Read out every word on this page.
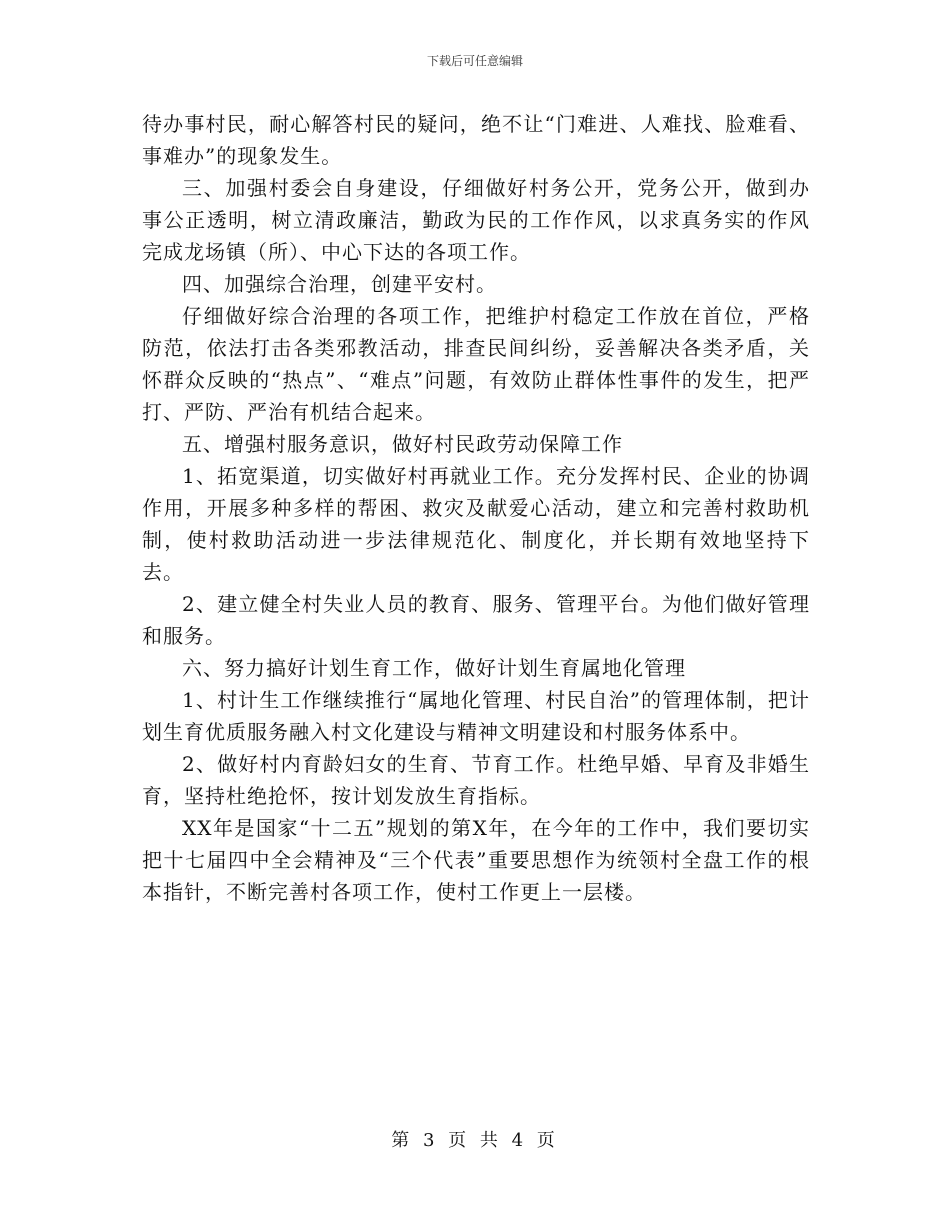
下载后可任意编辑

待办事村民，耐心解答村民的疑问，绝不让“门难进、人难找、脸难看、事难办”的现象发生。

三、加强村委会自身建设，仔细做好村务公开，党务公开，做到办事公正透明，树立清政廉洁，勤政为民的工作作风，以求真务实的作风完成龙场镇（所）、中心下达的各项工作。

四、加强综合治理，创建平安村。

仔细做好综合治理的各项工作，把维护村稳定工作放在首位，严格防范，依法打击各类邪教活动，排查民间纠纷，妥善解决各类矛盾，关怀群众反映的“热点”、“难点”问题，有效防止群体性事件的发生，把严打、严防、严治有机结合起来。

五、增强村服务意识，做好村民政劳动保障工作

1、拓宽渠道，切实做好村再就业工作。充分发挥村民、企业的协调作用，开展多种多样的帮困、救灾及献爱心活动，建立和完善村救助机制，使村救助活动进一步法律规范化、制度化，并长期有效地坚持下去。

2、建立健全村失业人员的教育、服务、管理平台。为他们做好管理和服务。

六、努力搞好计划生育工作，做好计划生育属地化管理

1、村计生工作继续推行“属地化管理、村民自治”的管理体制，把计划生育优质服务融入村文化建设与精神文明建设和村服务体系中。

2、做好村内育龄妇女的生育、节育工作。杜绝早婚、早育及非婚生育，坚持杜绝抢怀，按计划发放生育指标。

XX年是国家“十二五”规划的第X年，在今年的工作中，我们要切实把十七届四中全会精神及“三个代表”重要思想作为统领村全盘工作的根本指针，不断完善村各项工作，使村工作更上一层楼。

第 3 页 共 4 页
